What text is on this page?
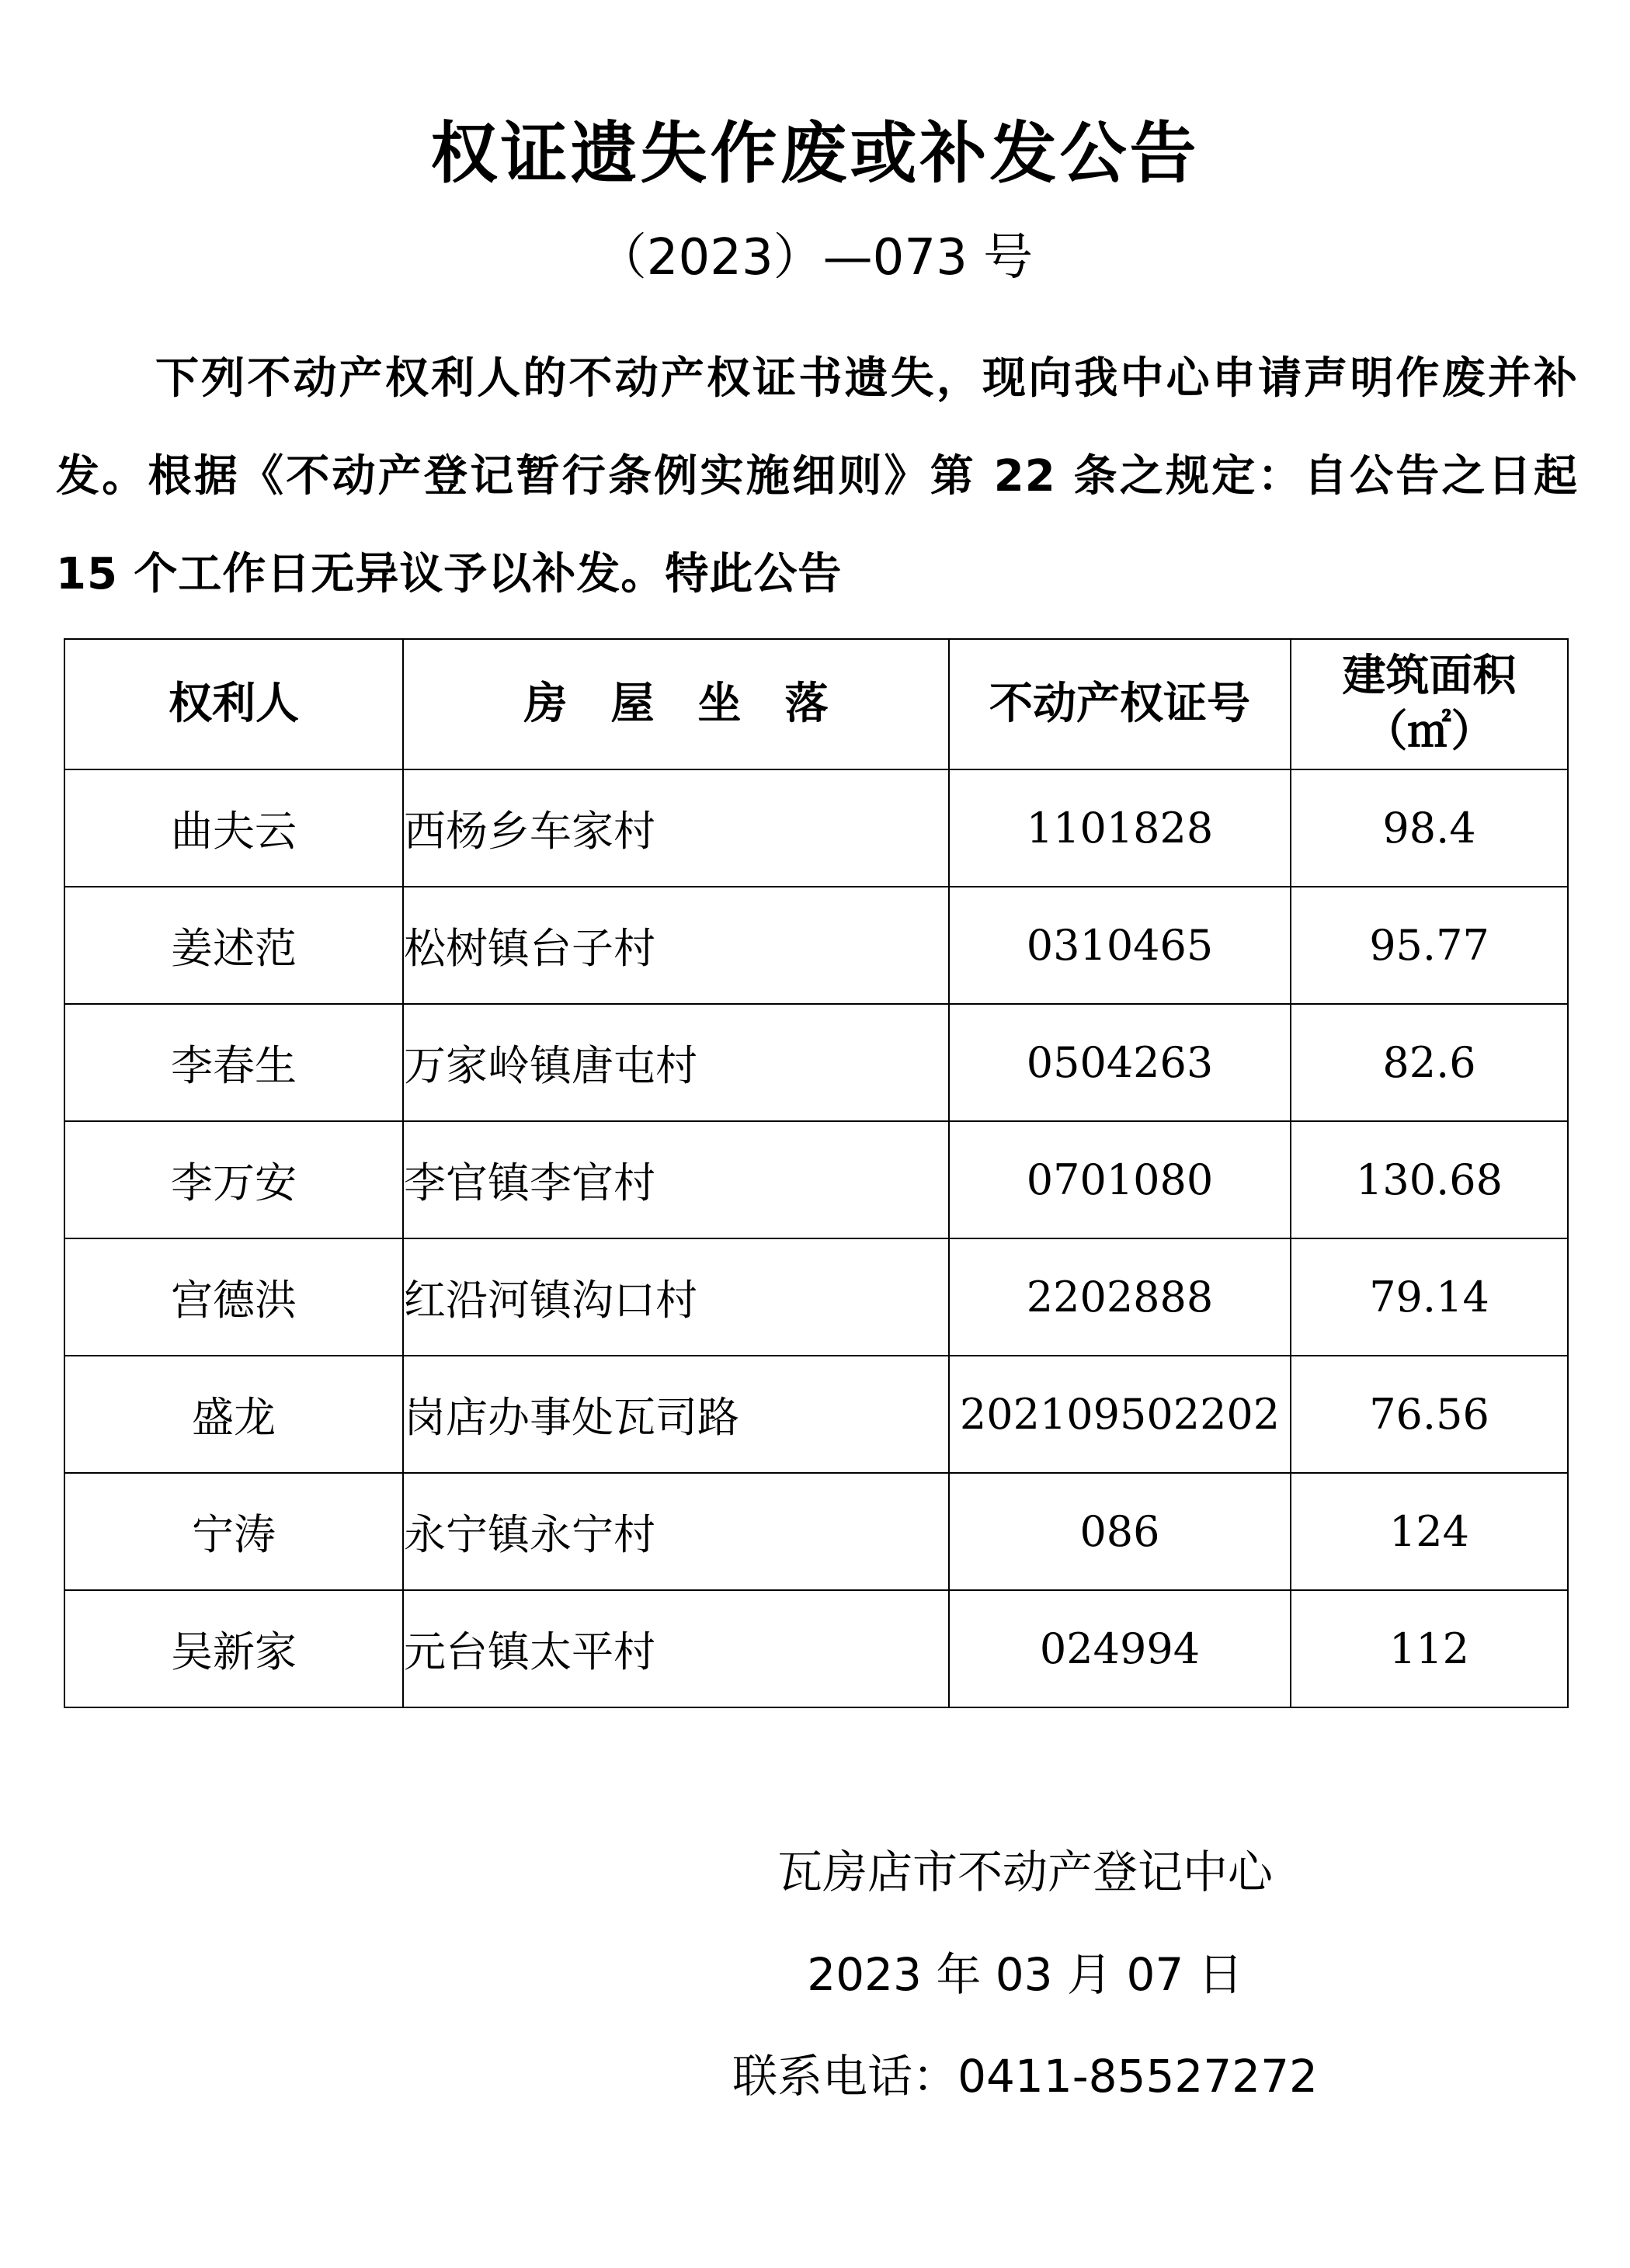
权证遗失作废或补发公告
（2023）—073 号
下列不动产权利人的不动产权证书遗失，现向我中心申请声明作废并补发。根据《不动产登记暂行条例实施细则》第 22 条之规定：自公告之日起 15 个工作日无异议予以补发。特此公告
权利人	房屋坐落	不动产权证号	建筑面积
（㎡）

曲夫云	西杨乡车家村	1101828	98.4
姜述范	松树镇台子村	0310465	95.77
李春生	万家岭镇唐屯村	0504263	82.6
李万安	李官镇李官村	0701080	130.68
宫德洪	红沿河镇沟口村	2202888	79.14
盛龙	岗店办事处瓦司路	202109502202	76.56
宁涛	永宁镇永宁村	086	124
吴新家	元台镇太平村	024994	112
瓦房店市不动产登记中心
2023 年 03 月 07 日
联系电话：0411-85527272
